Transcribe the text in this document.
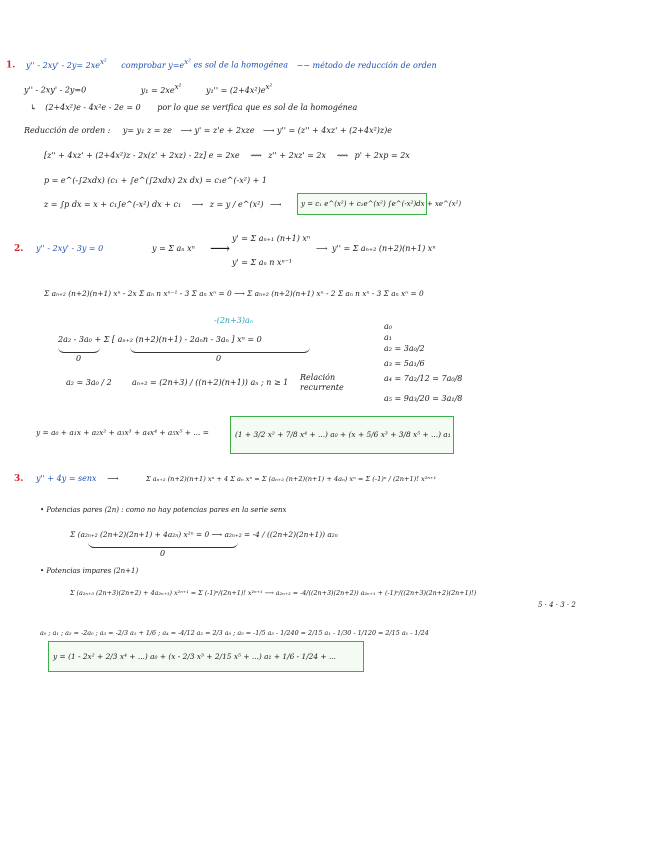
1. $y'' - 2xy' - 2y= 2xe^{x^2}$ comprobar $y=e^{x^2}$ es sol de la homogénea ~~ método de reducción de orden
y'' - 2xy' - 2y=0	$y_1 = 2xe^{x^2}$	$y_1'' = (2+4x^2)e^{x^2}$
↳ (2+4x²)e - 4x²e - 2e = 0 por lo que se verifica que es sol de la homogénea
Reducción de orden : y= y₁ z = ze ⟶ y' = z'e + 2xze ⟶ y'' = (z'' + 4xz' + (2+4x²)z)e
[z'' + 4xz' + (2+4x²)z - 2x(z' + 2xz) - 2z] e = 2xe ⟿ z'' + 2xz' = 2x ⟿ p' + 2xp = 2x
p = e^(-∫2xdx) (c₁ + ∫e^(∫2xdx) 2x dx) = c₁e^(-x²) + 1
z = ∫p dx = x + c₁∫e^(-x²) dx + c₁ ⟶ z = y / e^(x²) ⟶	y = c₁ e^(x²) + c₂e^(x²) ∫e^(-x²)dx + xe^(x²)
2. y'' - 2xy' - 3y = 0	y = Σ aₙ xⁿ ⟶
y' = Σ aₙ₊₁ (n+1) xⁿ
y' = Σ aₙ n xⁿ⁻¹
⟶ y'' = Σ aₙ₊₂ (n+2)(n+1) xⁿ
Σ aₙ₊₂ (n+2)(n+1) xⁿ - 2x Σ aₙ n xⁿ⁻¹ - 3 Σ aₙ xⁿ = 0 ⟶ Σ aₙ₊₂ (n+2)(n+1) xⁿ - 2 Σ aₙ n xⁿ - 3 Σ aₙ xⁿ = 0
-(2n+3)aₙ
2a₂ - 3a₀ + Σ [ aₙ₊₂ (n+2)(n+1) - 2aₙn - 3aₙ ] xⁿ = 0
0	0
a₂ = 3a₀ / 2	aₙ₊₂ = (2n+3) / ((n+2)(n+1)) aₙ ; n ≥ 1
Relación recurrente
a₀
a₁
a₂ = 3a₀/2
a₃ = 5a₁/6
a₄ = 7a₂/12 = 7a₀/8
a₅ = 9a₃/20 = 3a₁/8
y = a₀ + a₁x + a₂x² + a₃x³ + a₄x⁴ + a₅x⁵ + ... =	(1 + 3/2 x² + 7/8 x⁴ + ...) a₀ + (x + 5/6 x³ + 3/8 x⁵ + ...) a₁
3. y'' + 4y = senx ⟶	Σ aₙ₊₂ (n+2)(n+1) xⁿ + 4 Σ aₙ xⁿ = Σ (aₙ₊₂ (n+2)(n+1) + 4aₙ) xⁿ = Σ (-1)ⁿ / (2n+1)! x²ⁿ⁺¹
• Potencias pares (2n) : como no hay potencias pares en la serie senx
Σ (a₂ₙ₊₂ (2n+2)(2n+1) + 4a₂ₙ) x²ⁿ = 0 ⟶ a₂ₙ₊₂ = -4 / ((2n+2)(2n+1)) a₂ₙ
0
• Potencias impares (2n+1)
Σ (a₂ₙ₊₃ (2n+3)(2n+2) + 4a₂ₙ₊₁) x²ⁿ⁺¹ = Σ (-1)ⁿ/(2n+1)! x²ⁿ⁺¹ ⟶ a₂ₙ₊₃ = -4/((2n+3)(2n+2)) a₂ₙ₊₁ + (-1)ⁿ/((2n+3)(2n+2)(2n+1)!)
5 · 4 · 3 · 2
a₀ ; a₁ ; a₂ = -2a₀ ; a₃ = -2/3 a₁ + 1/6 ; a₄ = -4/12 a₂ = 2/3 a₀ ; a₅ = -1/5 a₃ - 1/240 = 2/15 a₁ - 1/30 - 1/120 = 2/15 a₁ - 1/24
y = (1 - 2x² + 2/3 x⁴ + ...) a₀ + (x - 2/3 x³ + 2/15 x⁵ + ...) a₁ + 1/6 - 1/24 + ...
